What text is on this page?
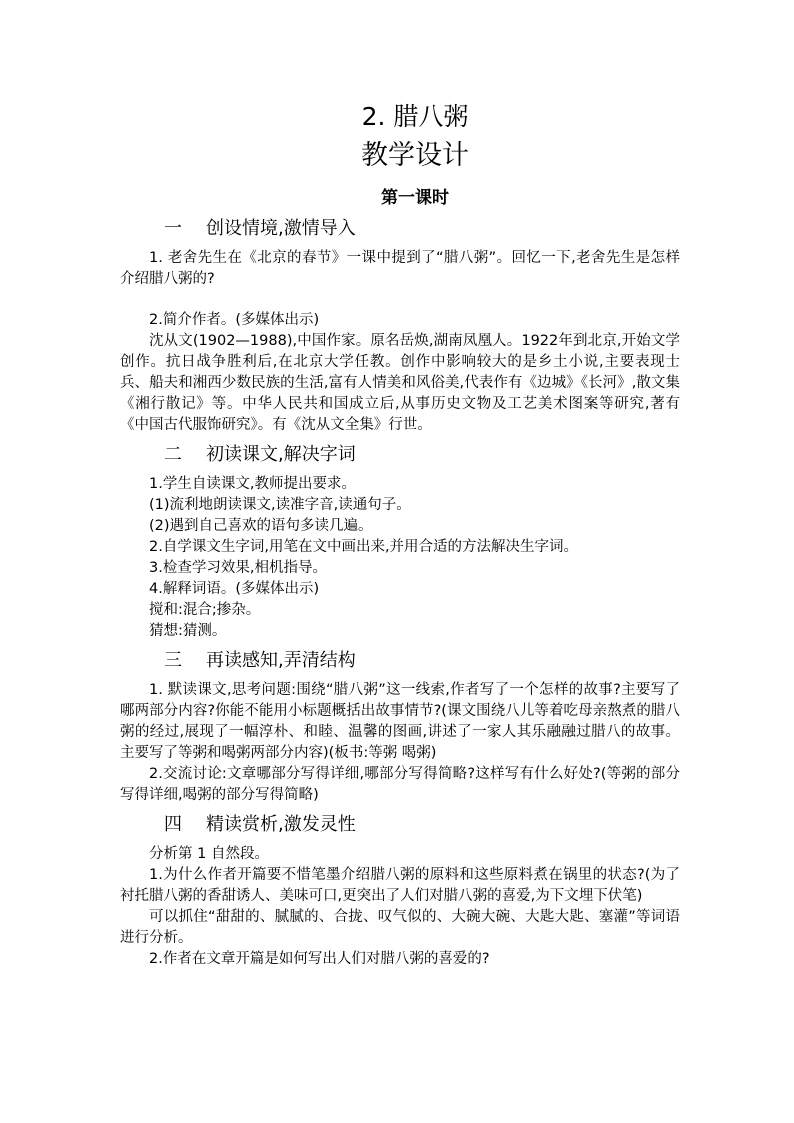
2. 腊八粥
教学设计
第一课时
一 创设情境,激情导入

1. 老舍先生在《北京的春节》一课中提到了“腊八粥”。回忆一下,老舍先生是怎样介绍腊八粥的?

2.简介作者。(多媒体出示)

沈从文(1902—1988),中国作家。原名岳焕,湖南凤凰人。1922年到北京,开始文学创作。抗日战争胜利后,在北京大学任教。创作中影响较大的是乡土小说,主要表现士兵、船夫和湘西少数民族的生活,富有人情美和风俗美,代表作有《边城》《长河》,散文集《湘行散记》等。中华人民共和国成立后,从事历史文物及工艺美术图案等研究,著有《中国古代服饰研究》。有《沈从文全集》行世。

二 初读课文,解决字词

1.学生自读课文,教师提出要求。

(1)流利地朗读课文,读准字音,读通句子。

(2)遇到自己喜欢的语句多读几遍。

2.自学课文生字词,用笔在文中画出来,并用合适的方法解决生字词。

3.检查学习效果,相机指导。

4.解释词语。(多媒体出示)

搅和:混合;掺杂。

猜想:猜测。

三 再读感知,弄清结构

1. 默读课文,思考问题:围绕“腊八粥”这一线索,作者写了一个怎样的故事?主要写了哪两部分内容?你能不能用小标题概括出故事情节?(课文围绕八儿等着吃母亲熬煮的腊八粥的经过,展现了一幅淳朴、和睦、温馨的图画,讲述了一家人其乐融融过腊八的故事。主要写了等粥和喝粥两部分内容)(板书:等粥 喝粥)

2.交流讨论:文章哪部分写得详细,哪部分写得简略?这样写有什么好处?(等粥的部分写得详细,喝粥的部分写得简略)

四 精读赏析,激发灵性

分析第 1 自然段。

1.为什么作者开篇要不惜笔墨介绍腊八粥的原料和这些原料煮在锅里的状态?(为了衬托腊八粥的香甜诱人、美味可口,更突出了人们对腊八粥的喜爱,为下文埋下伏笔)

可以抓住“甜甜的、腻腻的、合拢、叹气似的、大碗大碗、大匙大匙、塞灌”等词语进行分析。

2.作者在文章开篇是如何写出人们对腊八粥的喜爱的?
